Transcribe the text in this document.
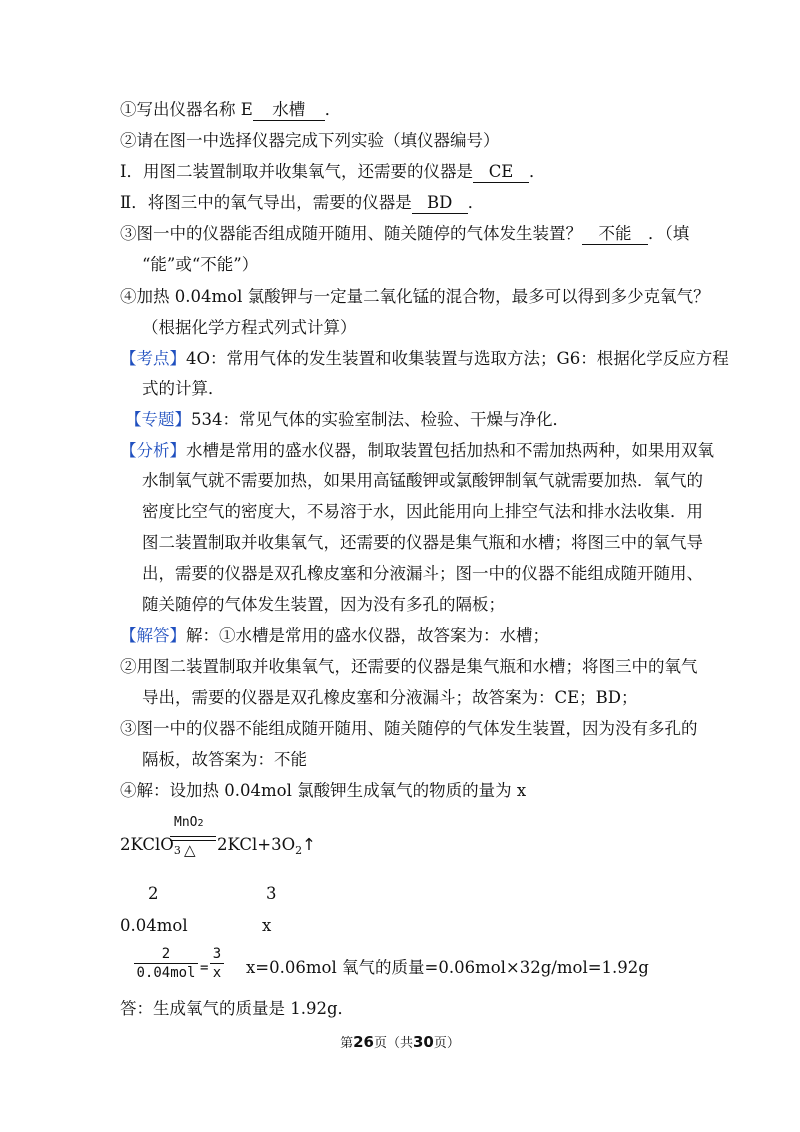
①写出仪器名称 E 水槽 ．
②请在图一中选择仪器完成下列实验（填仪器编号）
Ⅰ．用图二装置制取并收集氧气，还需要的仪器是 CE ．
Ⅱ．将图三中的氧气导出，需要的仪器是 BD ．
③图一中的仪器能否组成随开随用、随关随停的气体发生装置？ 不能 ．（填
“能”或“不能”）
④加热 0.04mol 氯酸钾与一定量二氧化锰的混合物，最多可以得到多少克氧气？
（根据化学方程式列式计算）
【考点】4O：常用气体的发生装置和收集装置与选取方法；G6：根据化学反应方程
式的计算．
【专题】534：常见气体的实验室制法、检验、干燥与净化．
【分析】水槽是常用的盛水仪器，制取装置包括加热和不需加热两种，如果用双氧
水制氧气就不需要加热，如果用高锰酸钾或氯酸钾制氧气就需要加热．氧气的
密度比空气的密度大，不易溶于水，因此能用向上排空气法和排水法收集．用
图二装置制取并收集氧气，还需要的仪器是集气瓶和水槽；将图三中的氧气导
出，需要的仪器是双孔橡皮塞和分液漏斗；图一中的仪器不能组成随开随用、
随关随停的气体发生装置，因为没有多孔的隔板；
【解答】解：①水槽是常用的盛水仪器，故答案为：水槽；
②用图二装置制取并收集氧气，还需要的仪器是集气瓶和水槽；将图三中的氧气
导出，需要的仪器是双孔橡皮塞和分液漏斗；故答案为：CE；BD；
③图一中的仪器不能组成随开随用、随关随停的气体发生装置，因为没有多孔的
隔板，故答案为：不能
④解：设加热 0.04mol 氯酸钾生成氧气的物质的量为 x
2KClO$_3$
MnO2
△ $2KCl+3O_2↑$
2	3
0.04mol	x
2
0.04mol =
3
x x=0.06mol 氧气的质量=0.06mol×32g/mol=1.92g
答：生成氧气的质量是 1.92g．
第26页（共30页）
